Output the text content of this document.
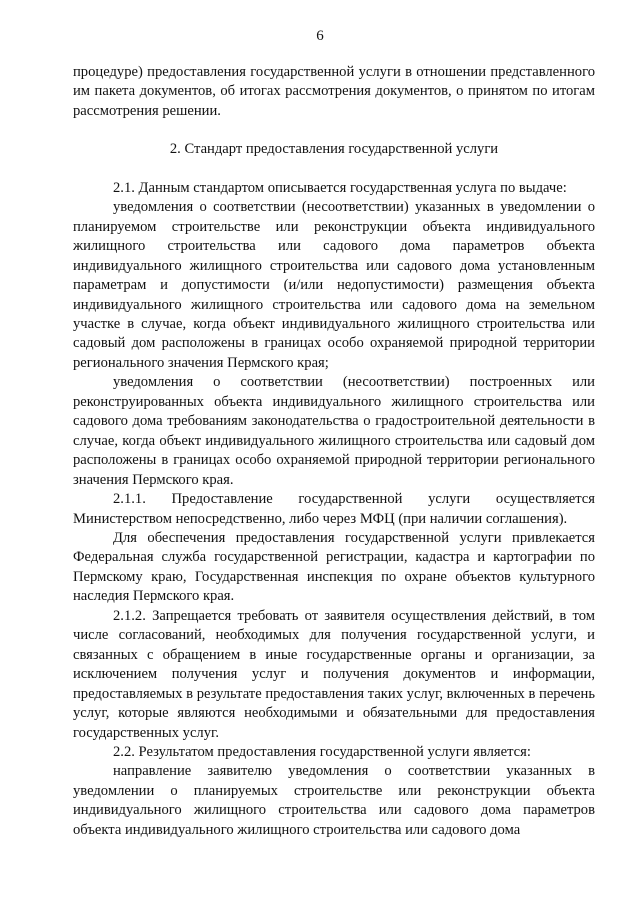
6

процедуре) предоставления государственной услуги в отношении представленного им пакета документов, об итогах рассмотрения документов, о принятом по итогам рассмотрения решении.

2. Стандарт предоставления государственной услуги

2.1. Данным стандартом описывается государственная услуга по выдаче:

уведомления о соответствии (несоответствии) указанных в уведомлении о планируемом строительстве или реконструкции объекта индивидуального жилищного строительства или садового дома параметров объекта индивидуального жилищного строительства или садового дома установленным параметрам и допустимости (и/или недопустимости) размещения объекта индивидуального жилищного строительства или садового дома на земельном участке в случае, когда объект индивидуального жилищного строительства или садовый дом расположены в границах особо охраняемой природной территории регионального значения Пермского края;

уведомления о соответствии (несоответствии) построенных или реконструированных объекта индивидуального жилищного строительства или садового дома требованиям законодательства о градостроительной деятельности в случае, когда объект индивидуального жилищного строительства или садовый дом расположены в границах особо охраняемой природной территории регионального значения Пермского края.

2.1.1. Предоставление государственной услуги осуществляется Министерством непосредственно, либо через МФЦ (при наличии соглашения).

Для обеспечения предоставления государственной услуги привлекается Федеральная служба государственной регистрации, кадастра и картографии по Пермскому краю, Государственная инспекция по охране объектов культурного наследия Пермского края.

2.1.2. Запрещается требовать от заявителя осуществления действий, в том числе согласований, необходимых для получения государственной услуги, и связанных с обращением в иные государственные органы и организации, за исключением получения услуг и получения документов и информации, предоставляемых в результате предоставления таких услуг, включенных в перечень услуг, которые являются необходимыми и обязательными для предоставления государственных услуг.

2.2. Результатом предоставления государственной услуги является:

направление заявителю уведомления о соответствии указанных в уведомлении о планируемых строительстве или реконструкции объекта индивидуального жилищного строительства или садового дома параметров объекта индивидуального жилищного строительства или садового дома
